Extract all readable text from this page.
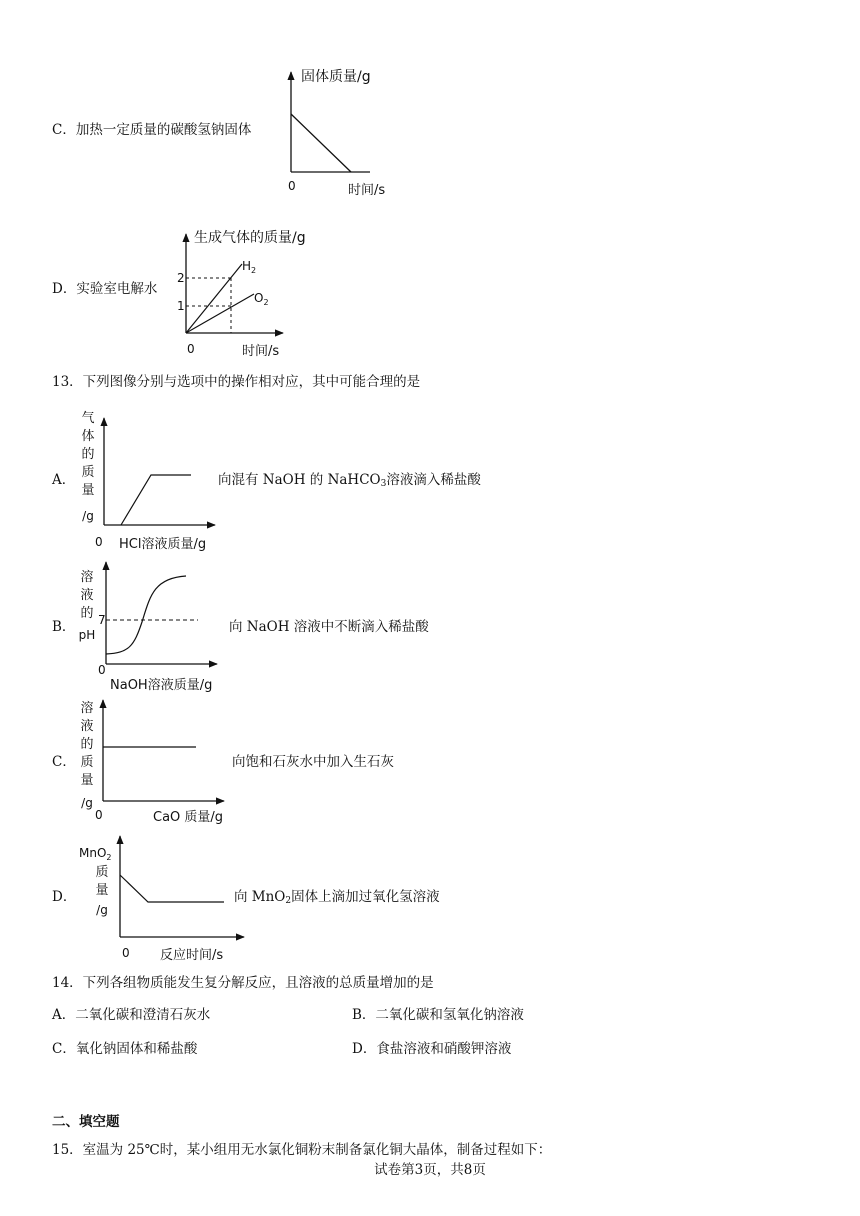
C．加热一定质量的碳酸氢钠固体
固体质量/g
0	时间/s
D．实验室电解水
生成气体的质量/g
2
1
$H_2$
$O_2$
0	时间/s
13．下列图像分别与选项中的操作相对应，其中可能合理的是
A．
气
体
的
质
量
/g
0 HCl溶液质量/g
向混有 NaOH 的 NaHCO$_3$溶液滴入稀盐酸
B．
溶
液
的
pH
7
0
NaOH溶液质量/g
向 NaOH 溶液中不断滴入稀盐酸
C．
溶
液
的
质
量
/g
0	CaO 质量/g
向饱和石灰水中加入生石灰
D．
MnO$_2$
质
量
/g
0 反应时间/s
向 MnO$_2$固体上滴加过氧化氢溶液
14．下列各组物质能发生复分解反应，且溶液的总质量增加的是
A．二氧化碳和澄清石灰水	B．二氧化碳和氢氧化钠溶液
C．氧化钠固体和稀盐酸	D．食盐溶液和硝酸钾溶液
二、填空题
15．室温为 25℃时，某小组用无水氯化铜粉末制备氯化铜大晶体，制备过程如下：
试卷第3页，共8页
